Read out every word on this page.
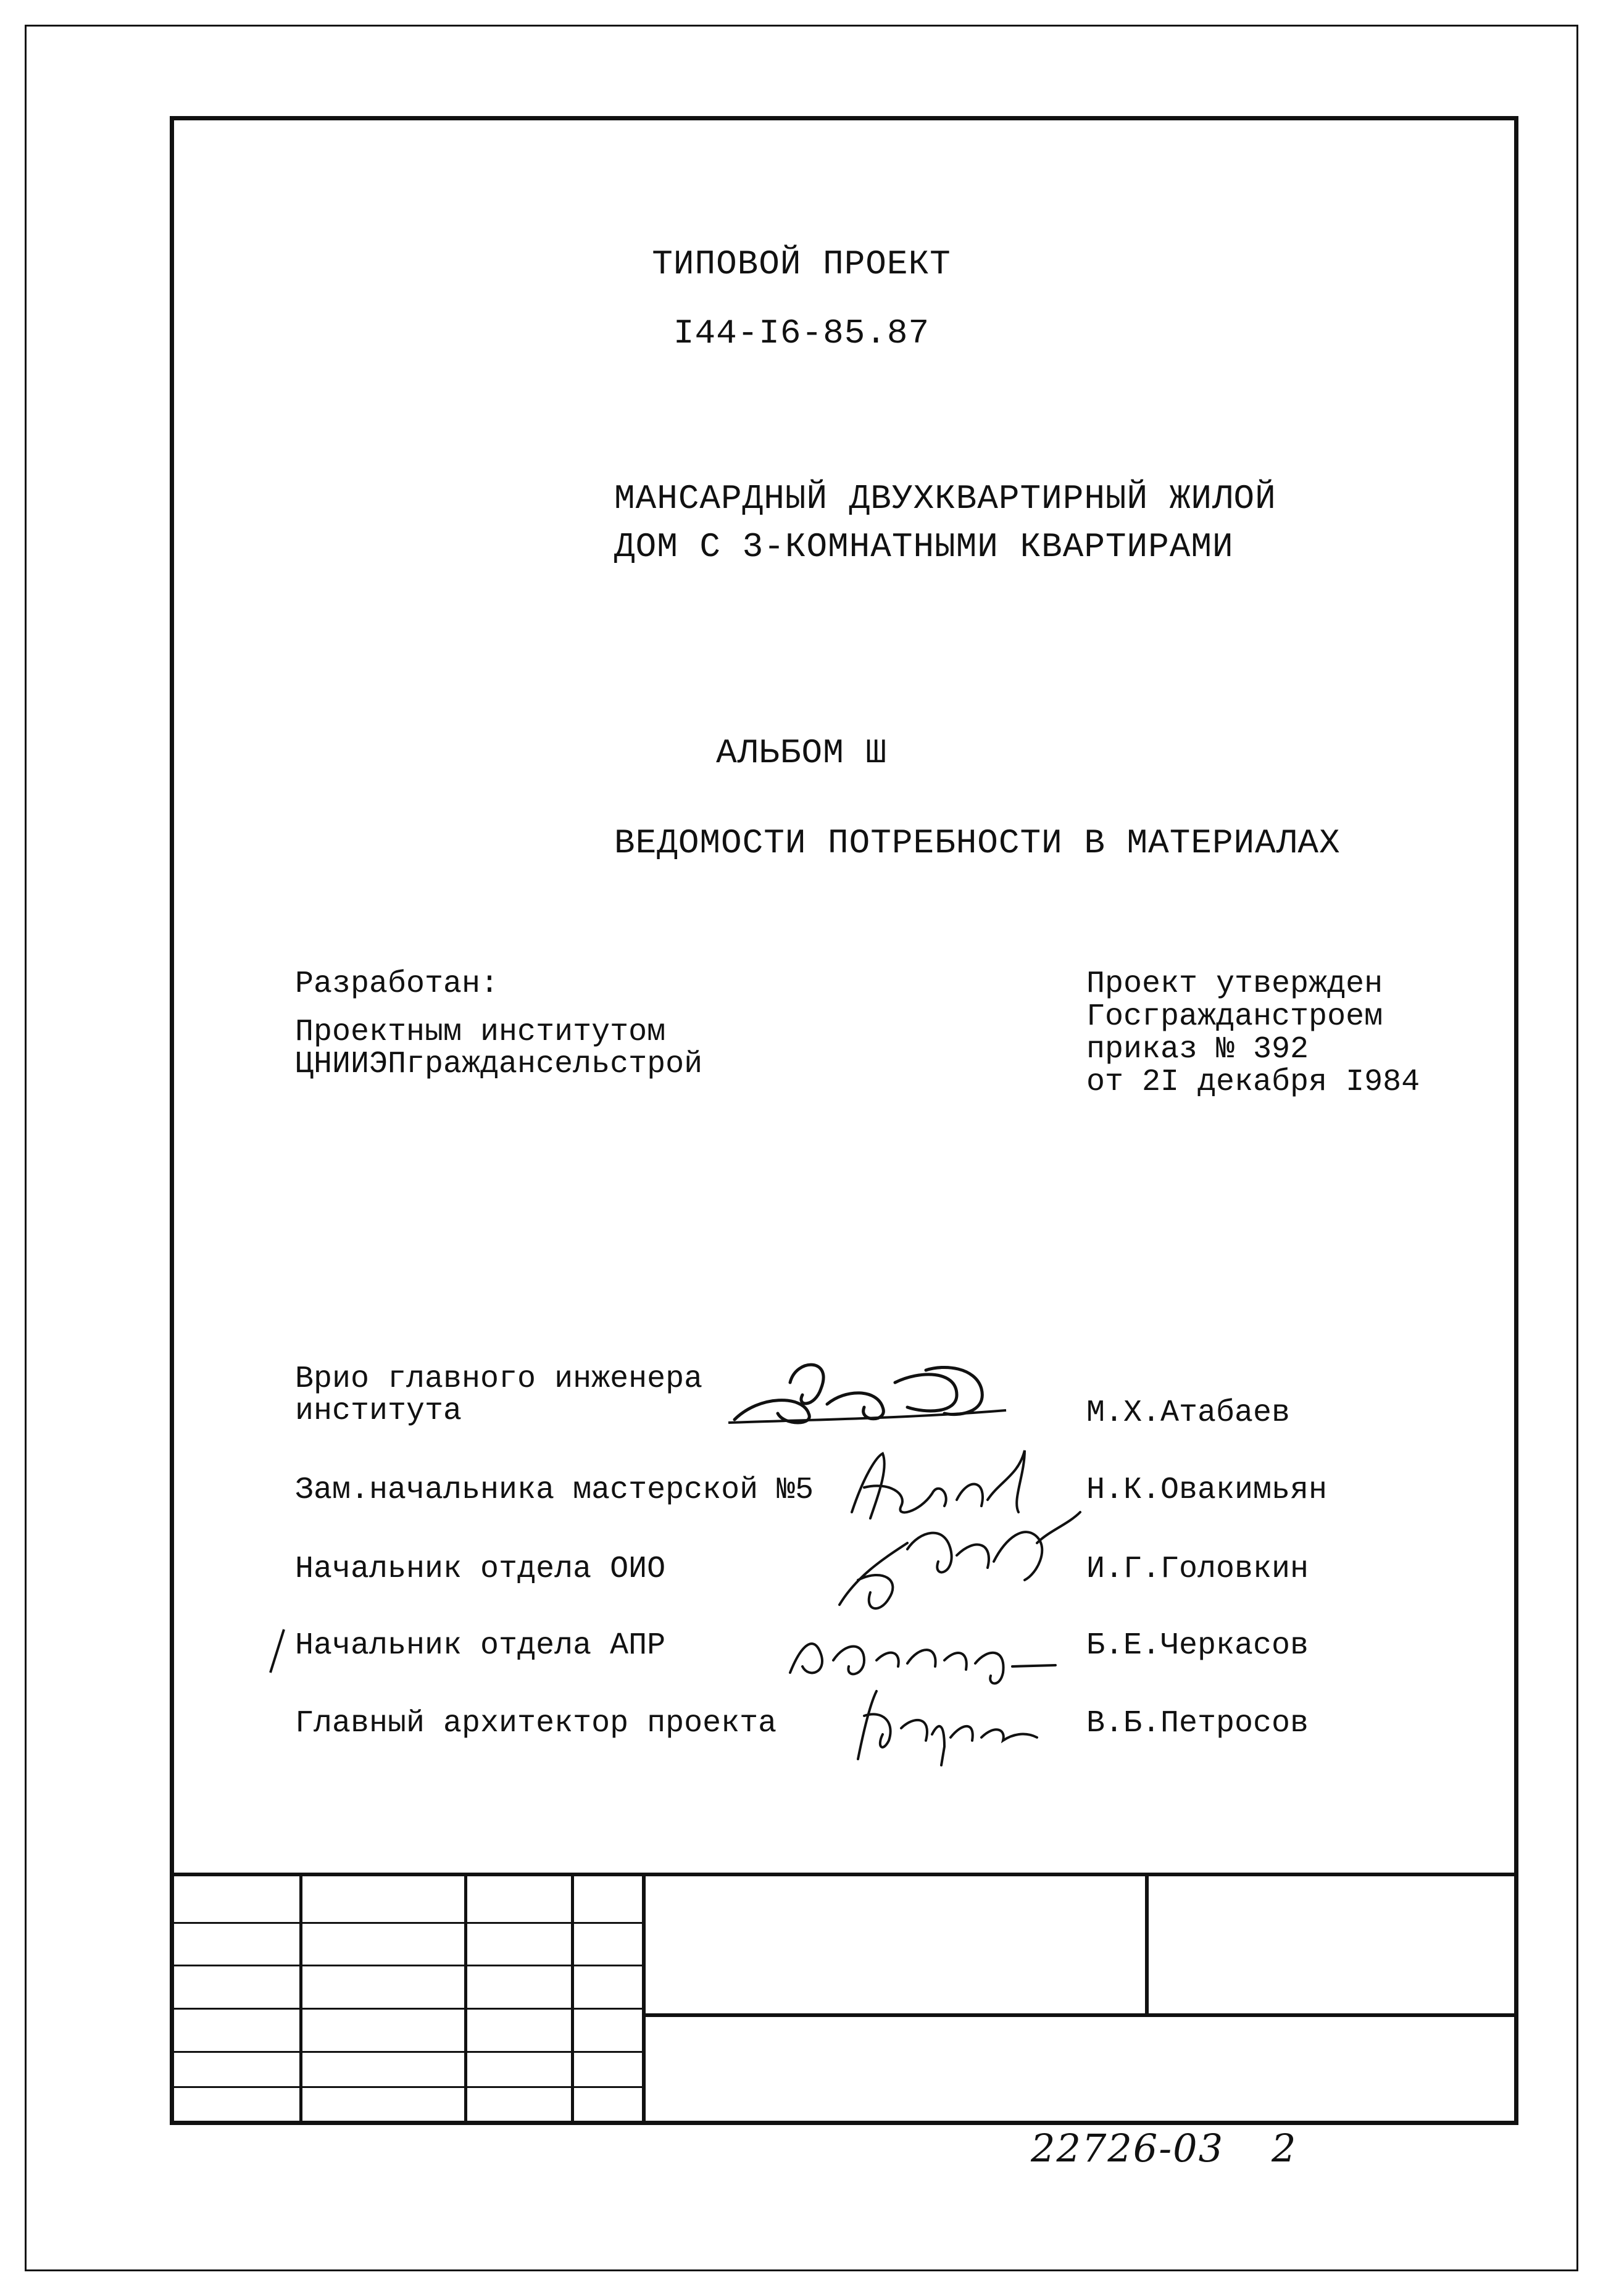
ТИПОВОЙ ПРОЕКТ
I44-I6-85.87
МАНСАРДНЫЙ ДВУХКВАРТИРНЫЙ ЖИЛОЙ
ДОМ С 3-КОМНАТНЫМИ КВАРТИРАМИ
АЛЬБОМ Ш
ВЕДОМОСТИ ПОТРЕБНОСТИ В МАТЕРИАЛАХ
Разработан:
Проектным институтом
ЦНИИЭПграждансельстрой
Проект утвержден
Госгражданстроем
приказ № 392
от 2I декабря I984
Врио главного инженера
института	М.Х.Атабаев
Зам.начальника мастерской №5	Н.К.Овакимьян
Начальник отдела ОИО	И.Г.Головкин
Начальник отдела АПР	Б.Е.Черкасов
Главный архитектор проекта	В.Б.Петросов
22726-03 2
